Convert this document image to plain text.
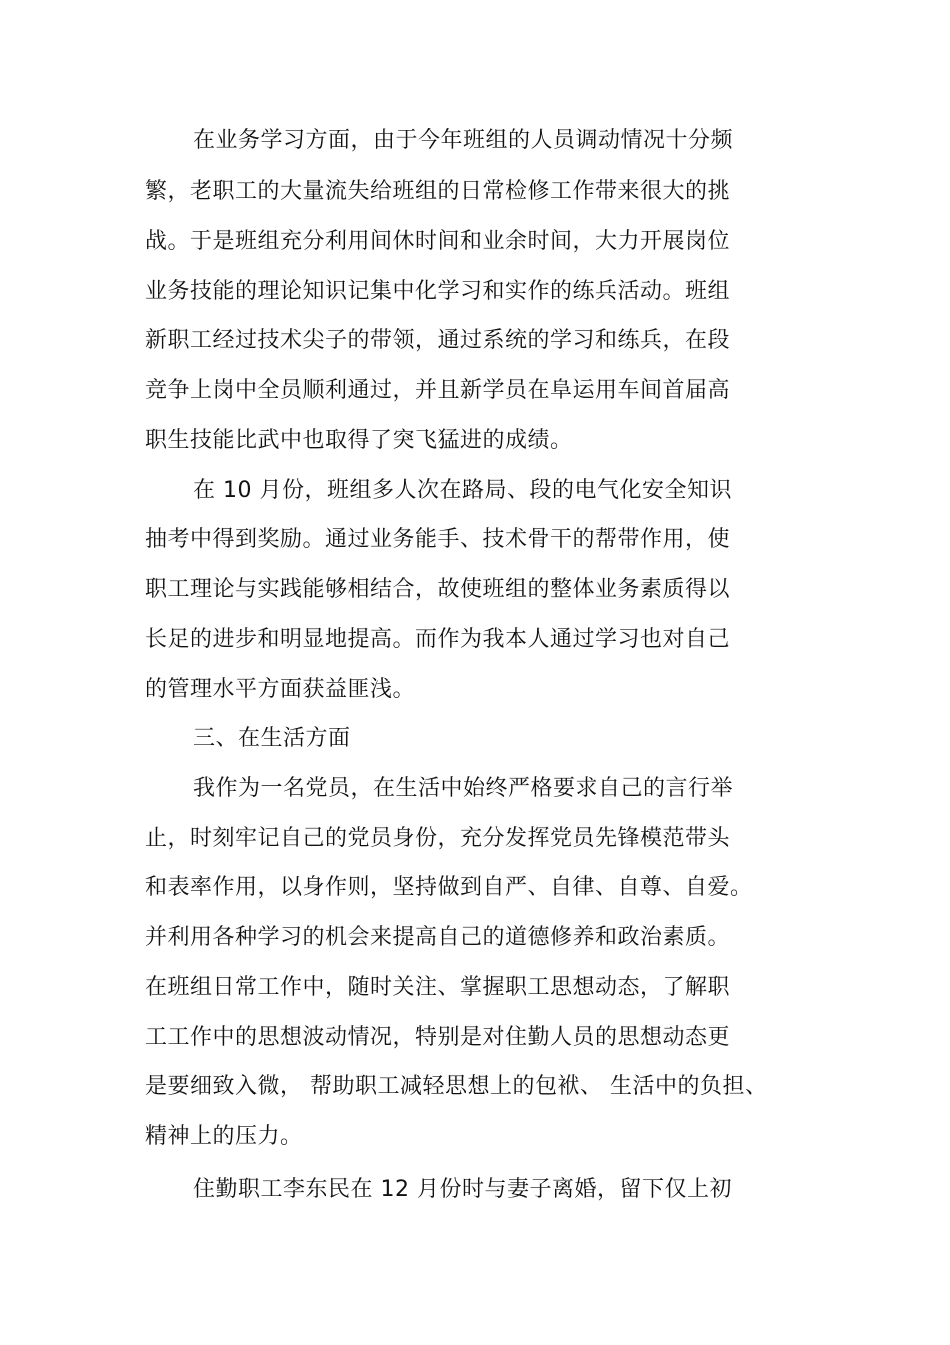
在业务学习方面，由于今年班组的人员调动情况十分频
繁，老职工的大量流失给班组的日常检修工作带来很大的挑
战。于是班组充分利用间休时间和业余时间，大力开展岗位
业务技能的理论知识记集中化学习和实作的练兵活动。班组
新职工经过技术尖子的带领，通过系统的学习和练兵，在段
竞争上岗中全员顺利通过，并且新学员在阜运用车间首届高
职生技能比武中也取得了突飞猛进的成绩。
在 10 月份，班组多人次在路局、段的电气化安全知识
抽考中得到奖励。通过业务能手、技术骨干的帮带作用，使
职工理论与实践能够相结合，故使班组的整体业务素质得以
长足的进步和明显地提高。而作为我本人通过学习也对自己
的管理水平方面获益匪浅。
三、在生活方面
我作为一名党员，在生活中始终严格要求自己的言行举
止，时刻牢记自己的党员身份，充分发挥党员先锋模范带头
和表率作用，以身作则，坚持做到自严、自律、自尊、自爱。
并利用各种学习的机会来提高自己的道德修养和政治素质。
在班组日常工作中，随时关注、掌握职工思想动态，了解职
工工作中的思想波动情况，特别是对住勤人员的思想动态更
是要细致入微， 帮助职工减轻思想上的包袱、 生活中的负担、
精神上的压力。
住勤职工李东民在 12 月份时与妻子离婚，留下仅上初
